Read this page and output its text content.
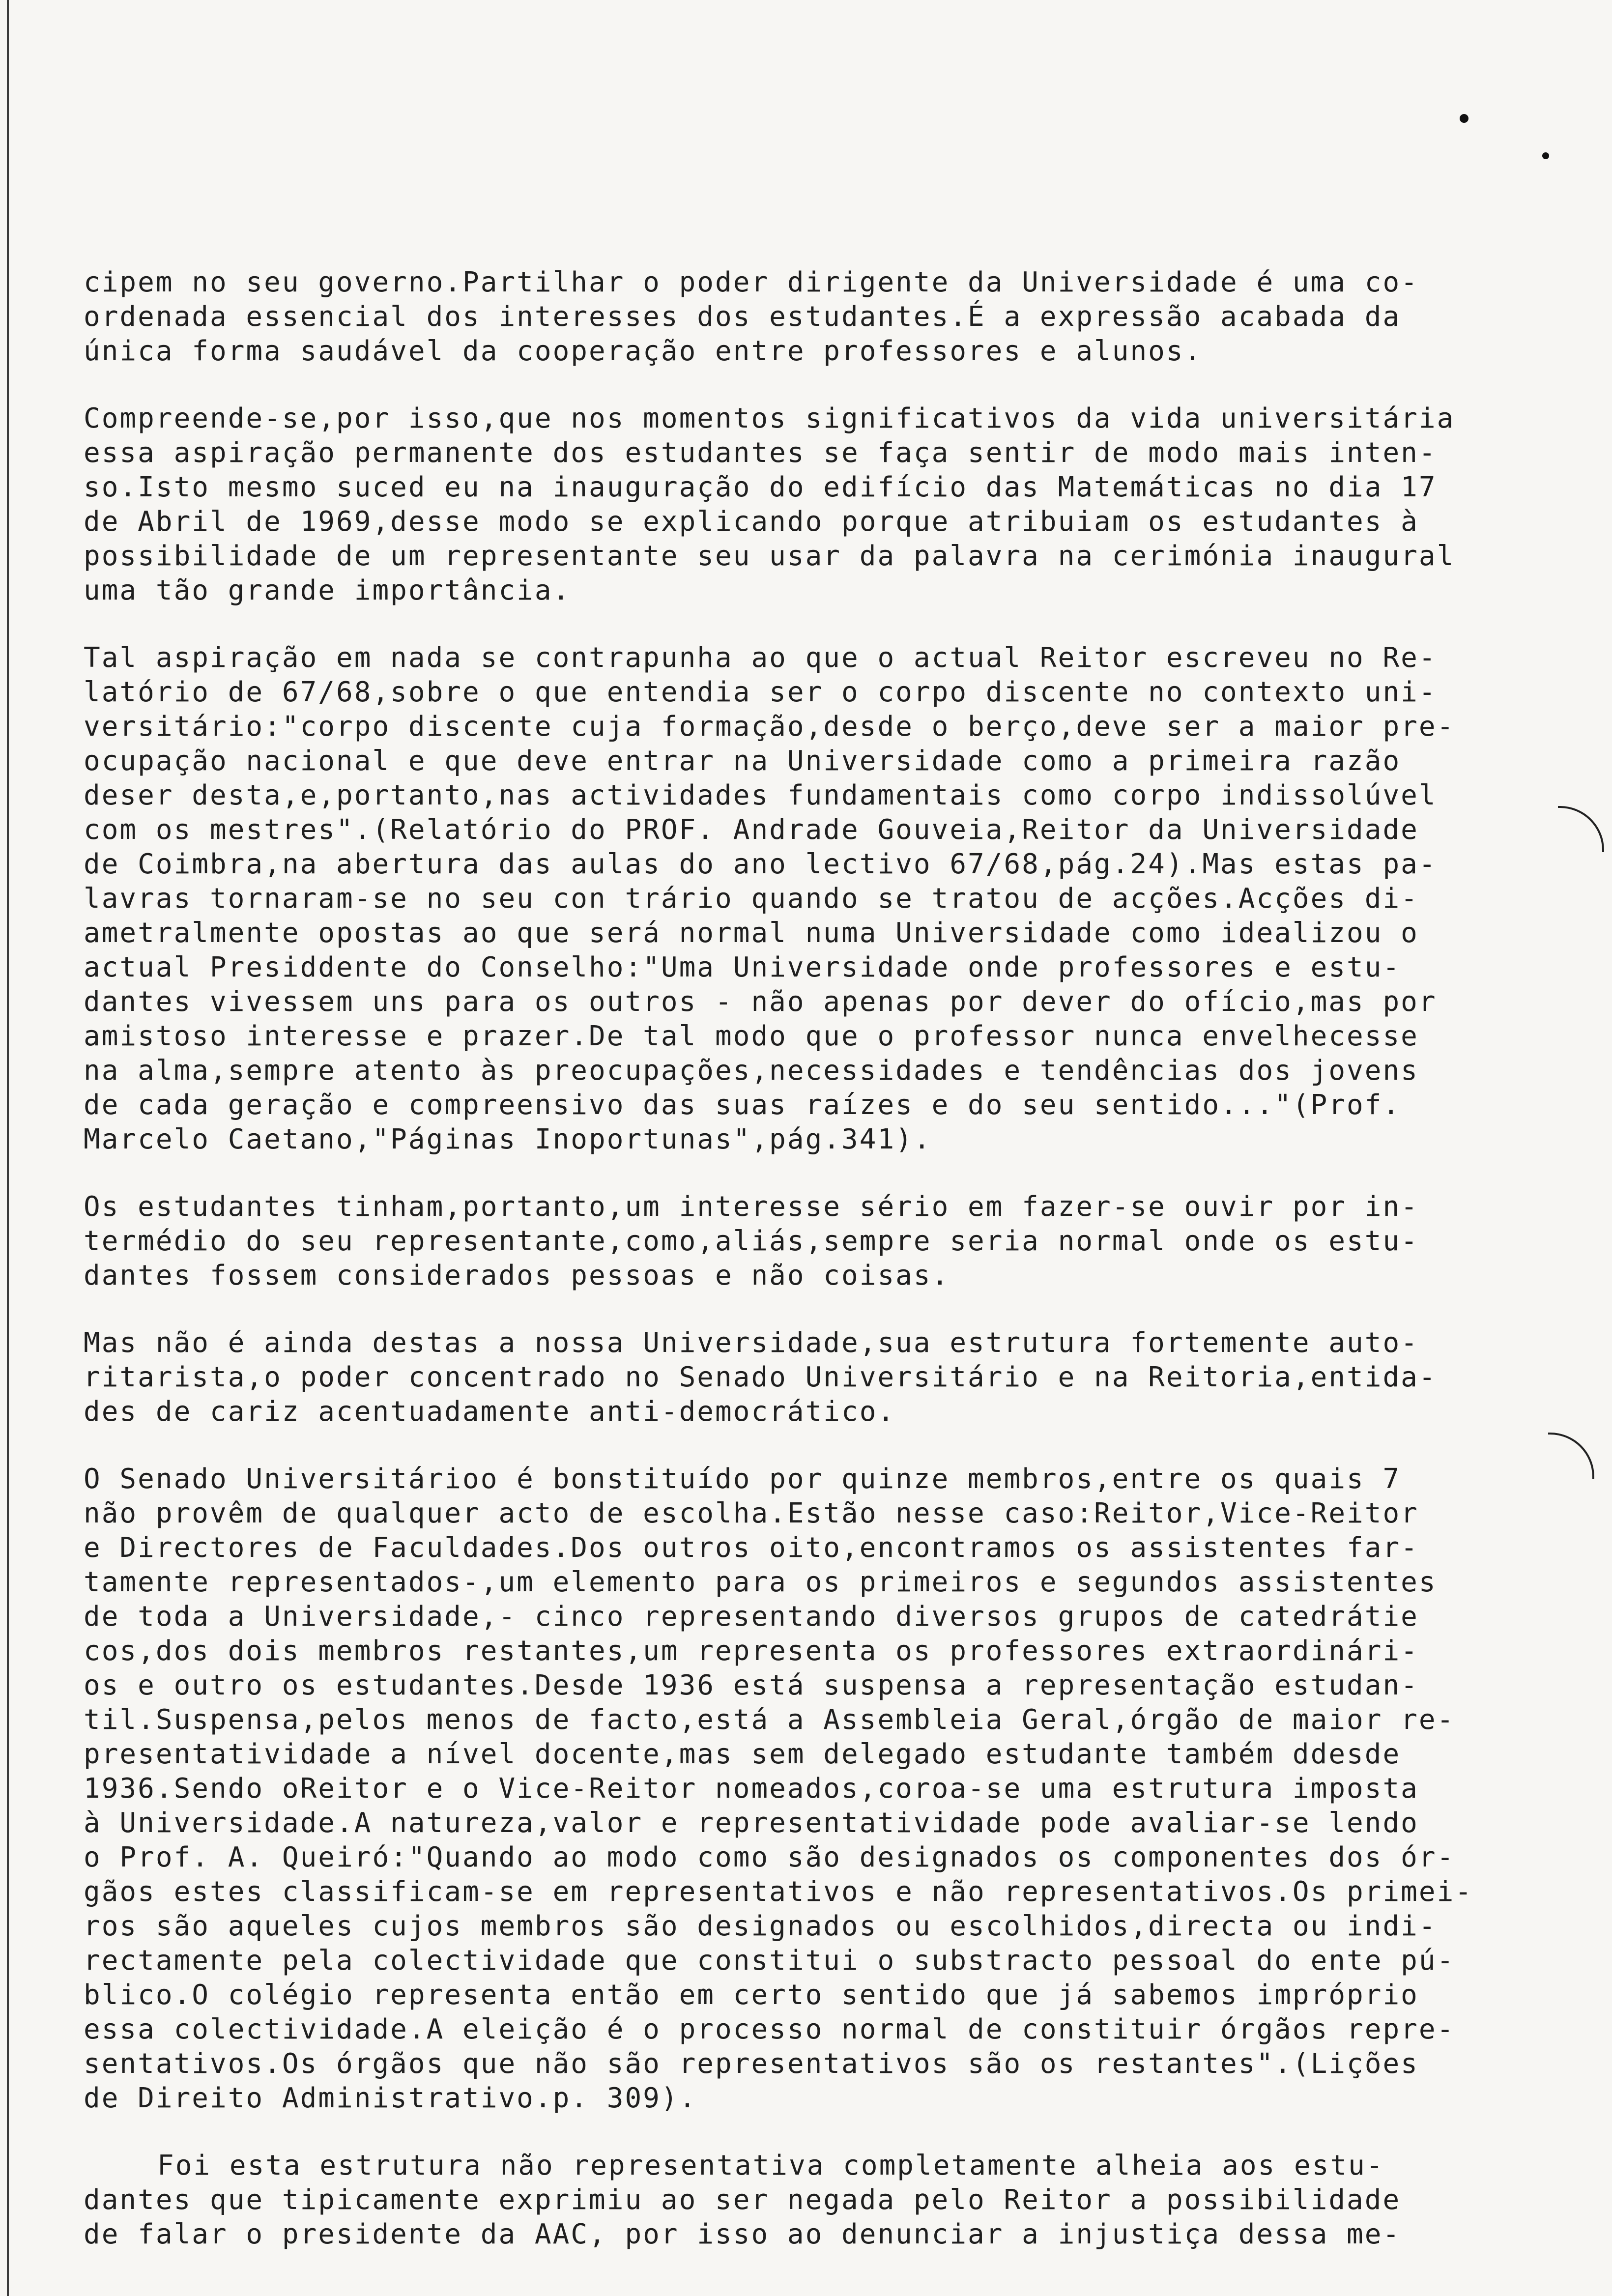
cipem no seu governo.Partilhar o poder dirigente da Universidade é uma co-
ordenada essencial dos interesses dos estudantes.É a expressão acabada da
única forma saudável da cooperação entre professores e alunos.
Compreende-se,por isso,que nos momentos significativos da vida universitária
essa aspiração permanente dos estudantes se faça sentir de modo mais inten-
so.Isto mesmo suced eu na inauguração do edifício das Matemáticas no dia 17
de Abril de 1969,desse modo se explicando porque atribuiam os estudantes à
possibilidade de um representante seu usar da palavra na cerimónia inaugural
uma tão grande importância.
Tal aspiração em nada se contrapunha ao que o actual Reitor escreveu no Re-
latório de 67/68,sobre o que entendia ser o corpo discente no contexto uni-
versitário:"corpo discente cuja formação,desde o berço,deve ser a maior pre-
ocupação nacional e que deve entrar na Universidade como a primeira razão
deser desta,e,portanto,nas actividades fundamentais como corpo indissolúvel
com os mestres".(Relatório do PROF. Andrade Gouveia,Reitor da Universidade
de Coimbra,na abertura das aulas do ano lectivo 67/68,pág.24).Mas estas pa-
lavras tornaram-se no seu con trário quando se tratou de acções.Acções di-
ametralmente opostas ao que será normal numa Universidade como idealizou o
actual Presiddente do Conselho:"Uma Universidade onde professores e estu-
dantes vivessem uns para os outros - não apenas por dever do ofício,mas por
amistoso interesse e prazer.De tal modo que o professor nunca envelhecesse
na alma,sempre atento às preocupações,necessidades e tendências dos jovens
de cada geração e compreensivo das suas raízes e do seu sentido..."(Prof.
Marcelo Caetano,"Páginas Inoportunas",pág.341).
Os estudantes tinham,portanto,um interesse sério em fazer-se ouvir por in-
termédio do seu representante,como,aliás,sempre seria normal onde os estu-
dantes fossem considerados pessoas e não coisas.
Mas não é ainda destas a nossa Universidade,sua estrutura fortemente auto-
ritarista,o poder concentrado no Senado Universitário e na Reitoria,entida-
des de cariz acentuadamente anti-democrático.
O Senado Universitárioo é bonstituído por quinze membros,entre os quais 7
não provêm de qualquer acto de escolha.Estão nesse caso:Reitor,Vice-Reitor
e Directores de Faculdades.Dos outros oito,encontramos os assistentes far-
tamente representados-,um elemento para os primeiros e segundos assistentes
de toda a Universidade,- cinco representando diversos grupos de catedrátie
cos,dos dois membros restantes,um representa os professores extraordinári-
os e outro os estudantes.Desde 1936 está suspensa a representação estudan-
til.Suspensa,pelos menos de facto,está a Assembleia Geral,órgão de maior re-
presentatividade a nível docente,mas sem delegado estudante também ddesde
1936.Sendo oReitor e o Vice-Reitor nomeados,coroa-se uma estrutura imposta
à Universidade.A natureza,valor e representatividade pode avaliar-se lendo
o Prof. A. Queiró:"Quando ao modo como são designados os componentes dos ór-
gãos estes classificam-se em representativos e não representativos.Os primei-
ros são aqueles cujos membros são designados ou escolhidos,directa ou indi-
rectamente pela colectividade que constitui o substracto pessoal do ente pú-
blico.O colégio representa então em certo sentido que já sabemos impróprio
essa colectividade.A eleição é o processo normal de constituir órgãos repre-
sentativos.Os órgãos que não são representativos são os restantes".(Lições
de Direito Administrativo.p. 309).
Foi esta estrutura não representativa completamente alheia aos estu-
dantes que tipicamente exprimiu ao ser negada pelo Reitor a possibilidade
de falar o presidente da AAC, por isso ao denunciar a injustiça dessa me-
